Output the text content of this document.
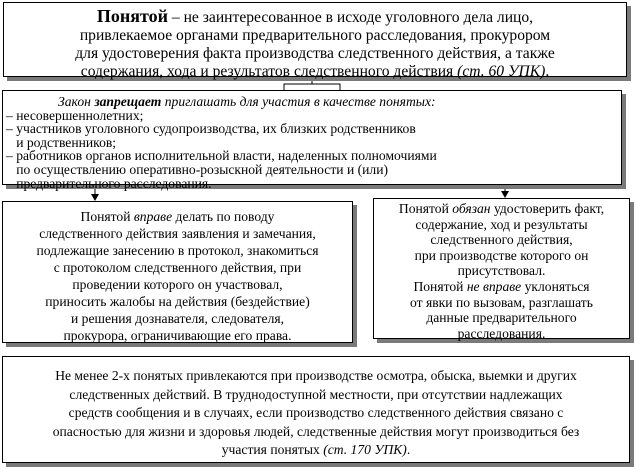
Понятой – не заинтересованное в исходе уголовного дела лицо,
привлекаемое органами предварительного расследования, прокурором
для удостоверения факта производства следственного действия, а также
содержания, хода и результатов следственного действия (ст. 60 УПК).
Закон запрещает приглашать для участия в качестве понятых:
– несовершеннолетних;
– участников уголовного судопроизводства, их близких родственников
и родственников;
– работников органов исполнительной власти, наделенных полномочиями
по осуществлению оперативно-розыскной деятельности и (или)
предварительного расследования.
Понятой вправе делать по поводу
следственного действия заявления и замечания,
подлежащие занесению в протокол, знакомиться
с протоколом следственного действия, при
проведении которого он участвовал,
приносить жалобы на действия (бездействие)
и решения дознавателя, следователя,
прокурора, ограничивающие его права.
Понятой обязан удостоверить факт,
содержание, ход и результаты
следственного действия,
при производстве которого он
присутствовал.
Понятой не вправе уклоняться
от явки по вызовам, разглашать
данные предварительного
расследования.
Не менее 2-х понятых привлекаются при производстве осмотра, обыска, выемки и других
следственных действий. В труднодоступной местности, при отсутствии надлежащих
средств сообщения и в случаях, если производство следственного действия связано с
опасностью для жизни и здоровья людей, следственные действия могут производиться без
участия понятых (ст. 170 УПК).
